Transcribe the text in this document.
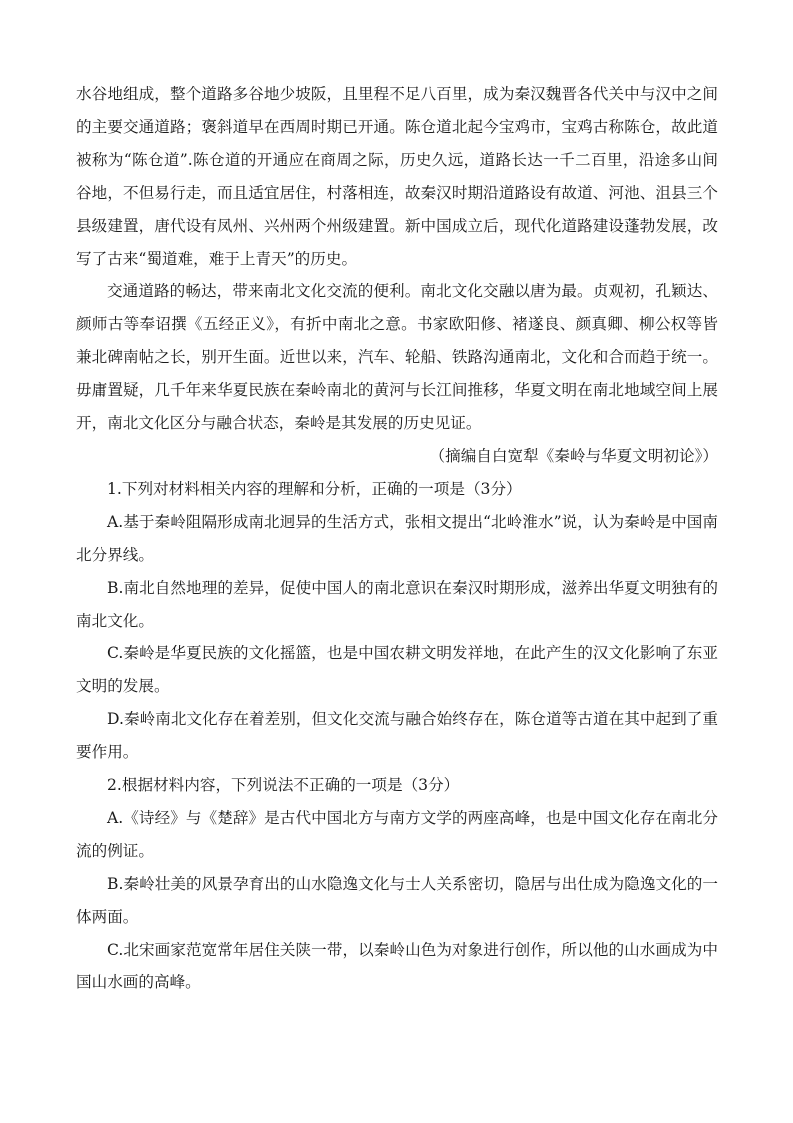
水谷地组成，整个道路多谷地少坡阪，且里程不足八百里，成为秦汉魏晋各代关中与汉中之间的主要交通道路；褒斜道早在西周时期已开通。陈仓道北起今宝鸡市，宝鸡古称陈仓，故此道被称为“陈仓道”.陈仓道的开通应在商周之际，历史久远，道路长达一千二百里，沿途多山间谷地，不但易行走，而且适宜居住，村落相连，故秦汉时期沿道路设有故道、河池、沮县三个县级建置，唐代设有凤州、兴州两个州级建置。新中国成立后，现代化道路建设蓬勃发展，改写了古来“蜀道难，难于上青天”的历史。

交通道路的畅达，带来南北文化交流的便利。南北文化交融以唐为最。贞观初，孔颖达、颜师古等奉诏撰《五经正义》，有折中南北之意。书家欧阳修、褚遂良、颜真卿、柳公权等皆兼北碑南帖之长，别开生面。近世以来，汽车、轮船、铁路沟通南北，文化和合而趋于统一。毋庸置疑，几千年来华夏民族在秦岭南北的黄河与长江间推移，华夏文明在南北地域空间上展开，南北文化区分与融合状态，秦岭是其发展的历史见证。

（摘编自白宽犁《秦岭与华夏文明初论》）

1.下列对材料相关内容的理解和分析，正确的一项是（3分）

A.基于秦岭阻隔形成南北迥异的生活方式，张相文提出“北岭淮水”说，认为秦岭是中国南北分界线。

B.南北自然地理的差异，促使中国人的南北意识在秦汉时期形成，滋养出华夏文明独有的南北文化。

C.秦岭是华夏民族的文化摇篮，也是中国农耕文明发祥地，在此产生的汉文化影响了东亚文明的发展。

D.秦岭南北文化存在着差别，但文化交流与融合始终存在，陈仓道等古道在其中起到了重要作用。

2.根据材料内容，下列说法不正确的一项是（3分）

A.《诗经》与《楚辞》是古代中国北方与南方文学的两座高峰，也是中国文化存在南北分流的例证。

B.秦岭壮美的风景孕育出的山水隐逸文化与士人关系密切，隐居与出仕成为隐逸文化的一体两面。

C.北宋画家范宽常年居住关陕一带，以秦岭山色为对象进行创作，所以他的山水画成为中国山水画的高峰。
